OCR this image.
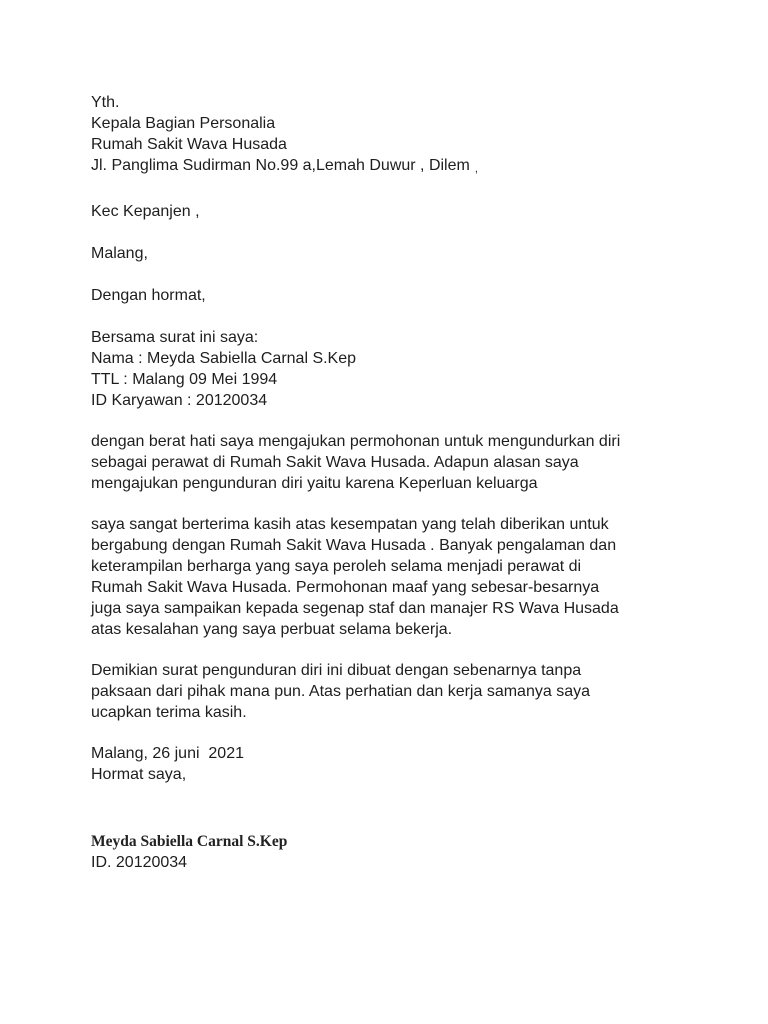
Yth.
Kepala Bagian Personalia
Rumah Sakit Wava Husada
Jl. Panglima Sudirman No.99 a,Lemah Duwur , Dilem ,
Kec Kepanjen ,
Malang,
Dengan hormat,
Bersama surat ini saya:
Nama : Meyda Sabiella Carnal S.Kep
TTL : Malang 09 Mei 1994
ID Karyawan : 20120034
dengan berat hati saya mengajukan permohonan untuk mengundurkan diri
sebagai perawat di Rumah Sakit Wava Husada. Adapun alasan saya
mengajukan pengunduran diri yaitu karena Keperluan keluarga
saya sangat berterima kasih atas kesempatan yang telah diberikan untuk
bergabung dengan Rumah Sakit Wava Husada . Banyak pengalaman dan
keterampilan berharga yang saya peroleh selama menjadi perawat di
Rumah Sakit Wava Husada. Permohonan maaf yang sebesar-besarnya
juga saya sampaikan kepada segenap staf dan manajer RS Wava Husada
atas kesalahan yang saya perbuat selama bekerja.
Demikian surat pengunduran diri ini dibuat dengan sebenarnya tanpa
paksaan dari pihak mana pun. Atas perhatian dan kerja samanya saya
ucapkan terima kasih.
Malang, 26 juni  2021
Hormat saya,
Meyda Sabiella Carnal S.Kep
ID. 20120034
